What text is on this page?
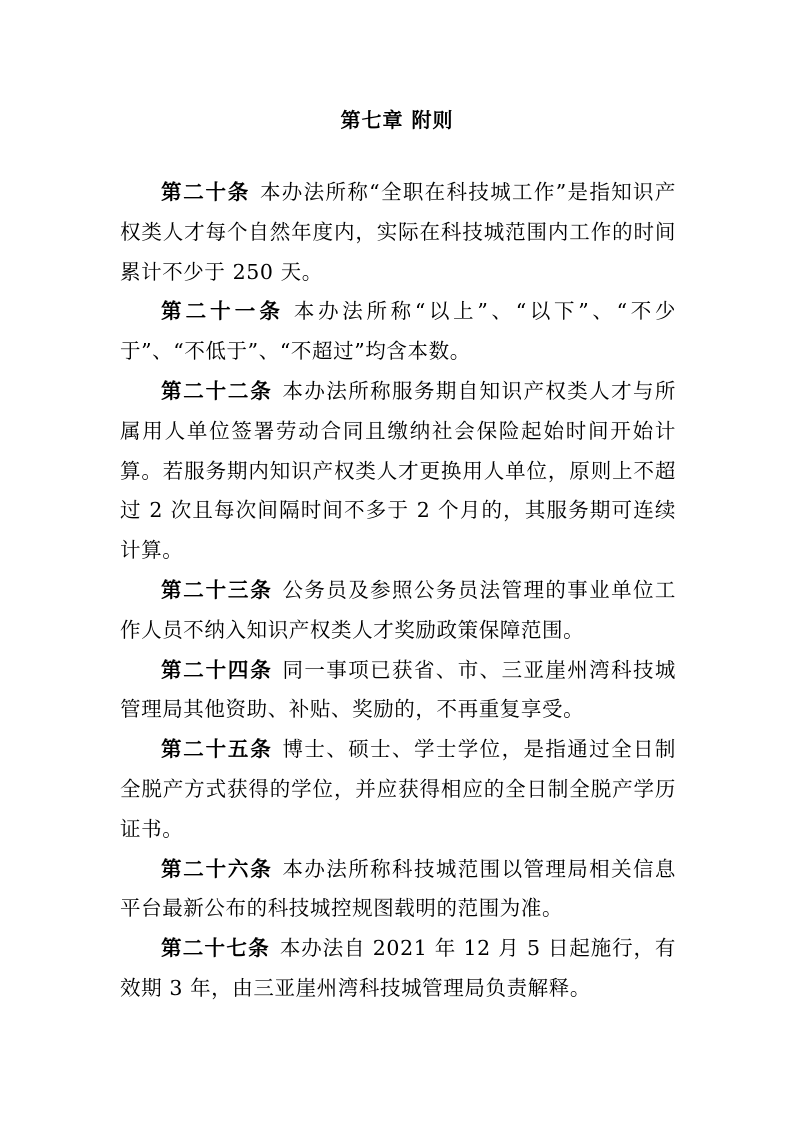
第七章 附则

第二十条 本办法所称“全职在科技城工作”是指知识产权类人才每个自然年度内，实际在科技城范围内工作的时间累计不少于 250 天。

第二十一条 本办法所称“以上”、“以下”、“不少于”、“不低于”、“不超过”均含本数。

第二十二条 本办法所称服务期自知识产权类人才与所属用人单位签署劳动合同且缴纳社会保险起始时间开始计算。若服务期内知识产权类人才更换用人单位，原则上不超过 2 次且每次间隔时间不多于 2 个月的，其服务期可连续计算。

第二十三条 公务员及参照公务员法管理的事业单位工作人员不纳入知识产权类人才奖励政策保障范围。

第二十四条 同一事项已获省、市、三亚崖州湾科技城管理局其他资助、补贴、奖励的，不再重复享受。

第二十五条 博士、硕士、学士学位，是指通过全日制全脱产方式获得的学位，并应获得相应的全日制全脱产学历证书。

第二十六条 本办法所称科技城范围以管理局相关信息平台最新公布的科技城控规图载明的范围为准。

第二十七条 本办法自 2021 年 12 月 5 日起施行，有效期 3 年，由三亚崖州湾科技城管理局负责解释。
